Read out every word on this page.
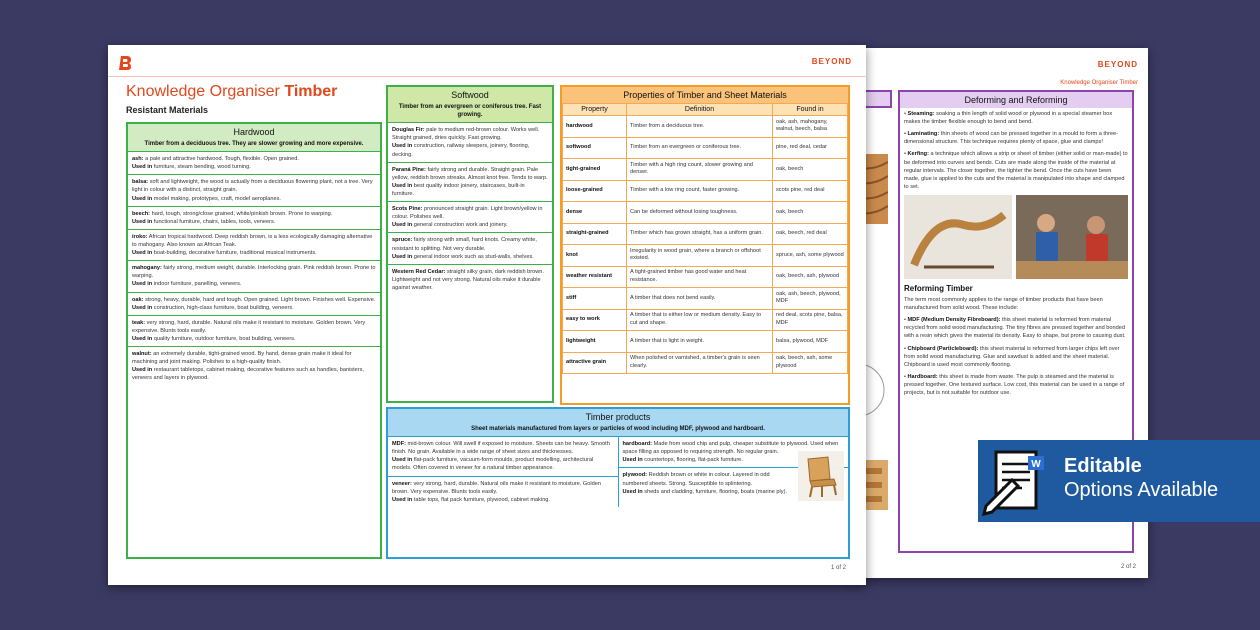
BEYOND
Knowledge Organiser Timber
Deforming and Reforming
• Steaming: soaking a thin length of solid wood or plywood in a special steamer box makes the timber flexible enough to bend and bend.
• Laminating: thin sheets of wood can be pressed together in a mould to form a three-dimensional structure. This technique requires plenty of space, glue and clamps!
• Kerfing: a technique which allows a strip or sheet of timber (either solid or man-made) to be deformed into curves and bends. Cuts are made along the inside of the material at regular intervals. The closer together, the tighter the bend. Once the cuts have been made, glue is applied to the cuts and the material is manipulated into shape and clamped to set.
Reforming Timber
The term most commonly applies to the range of timber products that have been manufactured from solid wood. These include:
• MDF (Medium Density Fibreboard): this sheet material is reformed from material recycled from solid wood manufacturing. The tiny fibres are pressed together and bonded with a resin which gives the material its density. Easy to shape, but prone to causing dust.
• Chipboard (Particleboard): this sheet material is reformed from larger chips left over from solid wood manufacturing. Glue and sawdust is added and the sheet material. Chipboard is used most commonly flooring.
• Hardboard: this sheet is made from waste. The pulp is steamed and the material is pressed together. One textured surface. Low cost, this material can be used in a range of projects, but is not suitable for outdoor use.
2 of 2
BEYOND
Knowledge Organiser Timber
Resistant Materials
Hardwood
Timber from a deciduous tree. They are slower growing and more expensive.
ash: a pale and attractive hardwood. Tough, flexible. Open grained.
Used in furniture, steam bending, wood turning.
balsa: soft and lightweight, the wood is actually from a deciduous flowering plant, not a tree. Very light in colour with a distinct, straight grain.
Used in model making, prototypes, craft, model aeroplanes.
beech: hard, tough, strong/close grained, white/pinkish brown. Prone to warping.
Used in functional furniture, chairs, tables, tools, veneers.
iroko: African tropical hardwood. Deep reddish brown, is a less ecologically damaging alternative to mahogany. Also known as African Teak.
Used in boat-building, decorative furniture, traditional musical instruments.
mahogany: fairly strong, medium weight, durable. Interlocking grain. Pink reddish brown. Prone to warping.
Used in indoor furniture, panelling, veneers.
oak: strong, heavy, durable, hard and tough. Open grained. Light brown. Finishes well. Expensive.
Used in construction, high-class furniture, boat building, veneers.
teak: very strong, hard, durable. Natural oils make it resistant to moisture. Golden brown. Very expensive. Blunts tools easily.
Used in quality furniture, outdoor furniture, boat building, veneers.
walnut: an extremely durable, tight-grained wood. By hand, dense grain make it ideal for machining and joint making. Polishes to a high-quality finish.
Used in restaurant tabletops, cabinet making, decorative features such as handles, banisters, veneers and layers in plywood.
Softwood
Timber from an evergreen or coniferous tree. Fast growing.
Douglas Fir: pale to medium red-brown colour. Works well. Straight grained, dries quickly. Fast growing.
Used in construction, railway sleepers, joinery, flooring, decking.
Paraná Pine: fairly strong and durable. Straight grain. Pale yellow, reddish brown streaks. Almost knot free. Tends to warp.
Used in best quality indoor joinery, staircases, built-in furniture.
Scots Pine: pronounced straight grain. Light brown/yellow in colour. Polishes well.
Used in general construction work and joinery.
spruce: fairly strong with small, hard knots. Creamy white, resistant to splitting. Not very durable.
Used in general indoor work such as stud-walls, shelves.
Western Red Cedar: straight silky grain, dark reddish brown. Lightweight and not very strong. Natural oils make it durable against weather.
Properties of Timber and Sheet Materials
Property	Definition	Found in
hardwood	Timber from a deciduous tree.	oak, ash, mahogany, walnut, beech, balsa
softwood	Timber from an evergreen or coniferous tree.	pine, red deal, cedar
tight-grained	Timber with a high ring count, slower growing and denser.	oak, beech
loose-grained	Timber with a low ring count, faster growing.	scots pine, red deal
dense	Can be deformed without losing toughness.	oak, beech
straight-grained	Timber which has grown straight, has a uniform grain.	oak, beech, red deal
knot	Irregularity in wood grain, where a branch or offshoot existed.	spruce, ash, some plywood
weather resistant	A tight-grained timber has good water and heat resistance.	oak, beech, ash, plywood
stiff	A timber that does not bend easily.	oak, ash, beech, plywood, MDF
easy to work	A timber that is either low or medium density. Easy to cut and shape.	red deal, scots pine, balsa, MDF
lightweight	A timber that is light in weight.	balsa, plywood, MDF
attractive grain	When polished or varnished, a timber's grain is seen clearly.	oak, beech, ash, some plywood
Timber products
Sheet materials manufactured from layers or particles of wood including MDF, plywood and hardboard.
MDF: mid-brown colour. Will swell if exposed to moisture. Sheets can be heavy. Smooth finish. No grain. Available in a wide range of sheet sizes and thicknesses.
Used in flat-pack furniture, vacuum-form moulds, product modelling, architectural models. Often covered in veneer for a natural timber appearance.
veneer: very strong, hard, durable. Natural oils make it resistant to moisture. Golden brown. Very expensive. Blunts tools easily.
Used in table tops, flat pack furniture, plywood, cabinet making.
hardboard: Made from wood chip and pulp, cheaper substitute to plywood. Used when space filling as opposed to requiring strength. No regular grain.
Used in countertops, flooring, flat-pack furniture.
plywood: Reddish brown or white in colour. Layered in odd numbered sheets. Strong. Susceptible to splintering.
Used in sheds and cladding, furniture, flooring, boats (marine ply).
1 of 2
W Editable
Options Available
